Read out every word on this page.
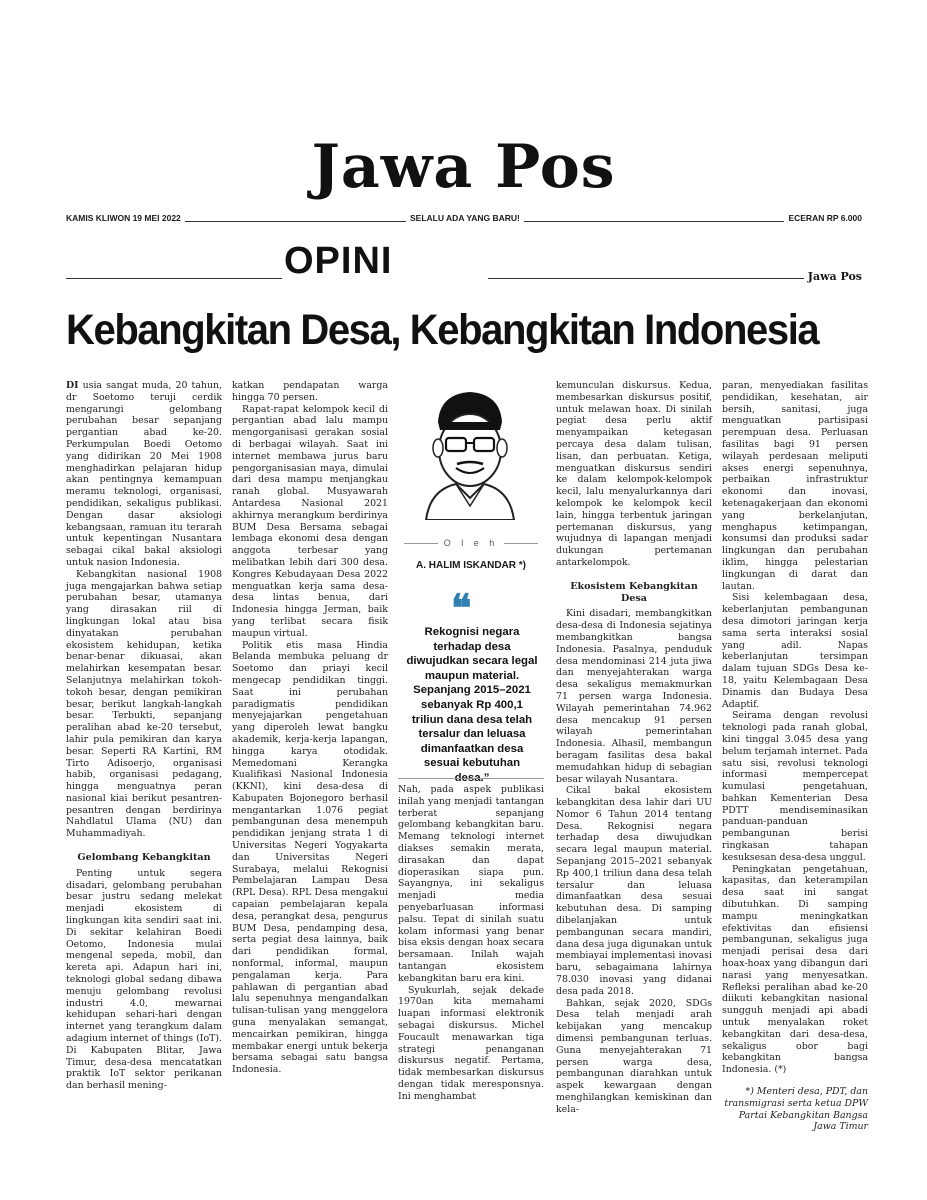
Jawa Pos
KAMIS KLIWON 19 MEI 2022	SELALU ADA YANG BARU!	ECERAN RP 6.000
OPINI	Jawa Pos
Kebangkitan Desa, Kebangkitan Indonesia

DI usia sangat muda, 20 tahun, dr Soetomo teruji cerdik mengarungi gelombang perubahan besar sepanjang pergantian abad ke-20. Perkumpulan Boedi Oetomo yang didirikan 20 Mei 1908 menghadirkan pelajaran hidup akan pentingnya kemampuan meramu teknologi, organisasi, pendidikan, sekaligus publikasi. Dengan dasar aksiologi kebangsaan, ramuan itu terarah untuk kepentingan Nusantara sebagai cikal bakal aksiologi untuk nasion Indonesia.

Kebangkitan nasional 1908 juga mengajarkan bahwa setiap perubahan besar, utamanya yang dirasakan riil di lingkungan lokal atau bisa dinyatakan perubahan ekosistem kehidupan, ketika benar-benar dikuasai, akan melahirkan kesempatan besar. Selanjutnya melahirkan tokoh-tokoh besar, dengan pemikiran besar, berikut langkah-langkah besar. Terbukti, sepanjang peralihan abad ke-20 tersebut, lahir pula pemikiran dan karya besar. Seperti RA Kartini, RM Tirto Adisoerjo, organisasi habib, organisasi pedagang, hingga menguatnya peran nasional kiai berikut pesantren-pesantren dengan berdirinya Nahdlatul Ulama (NU) dan Muhammadiyah.

Gelombang Kebangkitan

Penting untuk segera disadari, gelombang perubahan besar justru sedang melekat menjadi ekosistem di lingkungan kita sendiri saat ini. Di sekitar kelahiran Boedi Oetomo, Indonesia mulai mengenal sepeda, mobil, dan kereta api. Adapun hari ini, teknologi global sedang dibawa menuju gelombang revolusi industri 4.0, mewarnai kehidupan sehari-hari dengan internet yang terangkum dalam adagium internet of things (IoT). Di Kabupaten Blitar, Jawa Timur, desa-desa mencatatkan praktik IoT sektor perikanan dan berhasil mening-

katkan pendapatan warga hingga 70 persen.

Rapat-rapat kelompok kecil di pergantian abad lalu mampu mengorganisasi gerakan sosial di berbagai wilayah. Saat ini internet membawa jurus baru pengorganisasian maya, dimulai dari desa mampu menjangkau ranah global. Musyawarah Antardesa Nasional 2021 akhirnya merangkum berdirinya BUM Desa Bersama sebagai lembaga ekonomi desa dengan anggota terbesar yang melibatkan lebih dari 300 desa. Kongres Kebudayaan Desa 2022 menguatkan kerja sama desa-desa lintas benua, dari Indonesia hingga Jerman, baik yang terlibat secara fisik maupun virtual.

Politik etis masa Hindia Belanda membuka peluang dr Soetomo dan priayi kecil mengecap pendidikan tinggi. Saat ini perubahan paradigmatis pendidikan menyejajarkan pengetahuan yang diperoleh lewat bangku akademik, kerja-kerja lapangan, hingga karya otodidak. Memedomani Kerangka Kualifikasi Nasional Indonesia (KKNI), kini desa-desa di Kabupaten Bojonegoro berhasil mengantarkan 1.076 pegiat pembangunan desa menempuh pendidikan jenjang strata 1 di Universitas Negeri Yogyakarta dan Universitas Negeri Surabaya, melalui Rekognisi Pembelajaran Lampau Desa (RPL Desa). RPL Desa mengakui capaian pembelajaran kepala desa, perangkat desa, pengurus BUM Desa, pendamping desa, serta pegiat desa lainnya, baik dari pendidikan formal, nonformal, informal, maupun pengalaman kerja. Para pahlawan di pergantian abad lalu sepenuhnya mengandalkan tulisan-tulisan yang menggelora guna menyalakan semangat, mencairkan pemikiran, hingga membakar energi untuk bekerja bersama sebagai satu bangsa Indonesia.

O l e h
A. HALIM ISKANDAR *)
❝
Rekognisi negara terhadap desa diwujudkan secara legal maupun material. Sepanjang 2015–2021 sebanyak Rp 400,1 triliun dana desa telah tersalur dan leluasa dimanfaatkan desa sesuai kebutuhan desa.”

Nah, pada aspek publikasi inilah yang menjadi tantangan terberat sepanjang gelombang kebangkitan baru. Memang teknologi internet diakses semakin merata, dirasakan dan dapat dioperasikan siapa pun. Sayangnya, ini sekaligus menjadi media penyebarluasan informasi palsu. Tepat di sinilah suatu kolam informasi yang benar bisa eksis dengan hoax secara bersamaan. Inilah wajah tantangan ekosistem kebangkitan baru era kini.

Syukurlah, sejak dekade 1970an kita memahami luapan informasi elektronik sebagai diskursus. Michel Foucault menawarkan tiga strategi penanganan diskursus negatif. Pertama, tidak membesarkan diskursus dengan tidak meresponsnya. Ini menghambat

kemunculan diskursus. Kedua, membesarkan diskursus positif, untuk melawan hoax. Di sinilah pegiat desa perlu aktif menyampaikan ketegasan percaya desa dalam tulisan, lisan, dan perbuatan. Ketiga, menguatkan diskursus sendiri ke dalam kelompok-kelompok kecil, lalu menyalurkannya dari kelompok ke kelompok kecil lain, hingga terbentuk jaringan pertemanan diskursus, yang wujudnya di lapangan menjadi dukungan pertemanan antarkelompok.

Ekosistem Kebangkitan Desa

Kini disadari, membangkitkan desa-desa di Indonesia sejatinya membangkitkan bangsa Indonesia. Pasalnya, penduduk desa mendominasi 214 juta jiwa dan menyejahterakan warga desa sekaligus memakmurkan 71 persen warga Indonesia. Wilayah pemerintahan 74.962 desa mencakup 91 persen wilayah pemerintahan Indonesia. Alhasil, membangun beragam fasilitas desa bakal memudahkan hidup di sebagian besar wilayah Nusantara.

Cikal bakal ekosistem kebangkitan desa lahir dari UU Nomor 6 Tahun 2014 tentang Desa. Rekognisi negara terhadap desa diwujudkan secara legal maupun material. Sepanjang 2015–2021 sebanyak Rp 400,1 triliun dana desa telah tersalur dan leluasa dimanfaatkan desa sesuai kebutuhan desa. Di samping dibelanjakan untuk pembangunan secara mandiri, dana desa juga digunakan untuk membiayai implementasi inovasi baru, sebagaimana lahirnya 78.030 inovasi yang didanai desa pada 2018.

Bahkan, sejak 2020, SDGs Desa telah menjadi arah kebijakan yang mencakup dimensi pembangunan terluas. Guna menyejahterakan 71 persen warga desa, pembangunan diarahkan untuk aspek kewargaan dengan menghilangkan kemiskinan dan kela-

paran, menyediakan fasilitas pendidikan, kesehatan, air bersih, sanitasi, juga menguatkan partisipasi perempuan desa. Perluasan fasilitas bagi 91 persen wilayah perdesaan meliputi akses energi sepenuhnya, perbaikan infrastruktur ekonomi dan inovasi, ketenagakerjaan dan ekonomi yang berkelanjutan, menghapus ketimpangan, konsumsi dan produksi sadar lingkungan dan perubahan iklim, hingga pelestarian lingkungan di darat dan lautan.

Sisi kelembagaan desa, keberlanjutan pembangunan desa dimotori jaringan kerja sama serta interaksi sosial yang adil. Napas keberlanjutan tersimpan dalam tujuan SDGs Desa ke-18, yaitu Kelembagaan Desa Dinamis dan Budaya Desa Adaptif.

Seirama dengan revolusi teknologi pada ranah global, kini tinggal 3.045 desa yang belum terjamah internet. Pada satu sisi, revolusi teknologi informasi mempercepat kumulasi pengetahuan, bahkan Kementerian Desa PDTT mendiseminasikan panduan-panduan pembangunan berisi ringkasan tahapan kesuksesan desa-desa unggul.

Peningkatan pengetahuan, kapasitas, dan keterampilan desa saat ini sangat dibutuhkan. Di samping mampu meningkatkan efektivitas dan efisiensi pembangunan, sekaligus juga menjadi perisai desa dari hoax-hoax yang dibangun dari narasi yang menyesatkan. Refleksi peralihan abad ke-20 diikuti kebangkitan nasional sungguh menjadi api abadi untuk menyalakan roket kebangkitan dari desa-desa, sekaligus obor bagi kebangkitan bangsa Indonesia. (*)

*) Menteri desa, PDT, dan transmigrasi serta ketua DPW Partai Kebangkitan Bangsa Jawa Timur
